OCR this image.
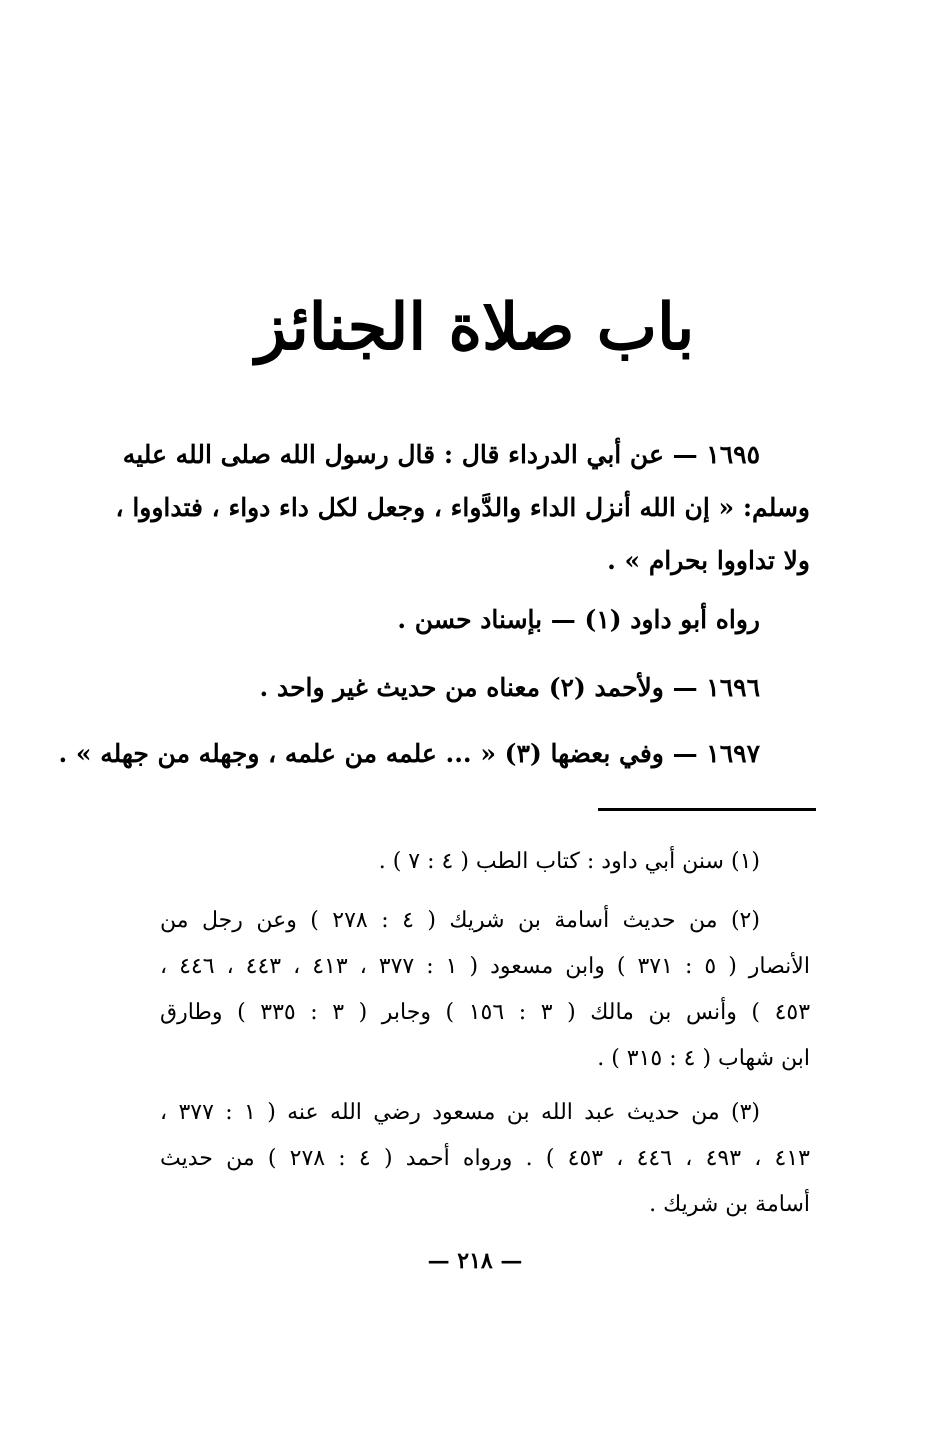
باب صلاة الجنائز
١٦٩٥ — عن أبي الدرداء قال : قال رسول الله صلى الله عليه
وسلم: « إن الله أنزل الداء والدَّواء ، وجعل لكل داء دواء ، فتداووا ،
ولا تداووا بحرام » .
رواه أبو داود (١) — بإسناد حسن .
١٦٩٦ — ولأحمد (٢) معناه من حديث غير واحد .
١٦٩٧ — وفي بعضها (٣) « ... علمه من علمه ، وجهله من جهله » .
(١) سنن أبي داود : كتاب الطب ( ٤ : ٧ ) .
(٢) من حديث أسامة بن شريك ( ٤ : ٢٧٨ ) وعن رجل من
الأنصار ( ٥ : ٣٧١ ) وابن مسعود ( ١ : ٣٧٧ ، ٤١٣ ، ٤٤٣ ، ٤٤٦ ،
٤٥٣ ) وأنس بن مالك ( ٣ : ١٥٦ ) وجابر ( ٣ : ٣٣٥ ) وطارق
ابن شهاب ( ٤ : ٣١٥ ) .
(٣) من حديث عبد الله بن مسعود رضي الله عنه ( ١ : ٣٧٧ ،
٤١٣ ، ٤٩٣ ، ٤٤٦ ، ٤٥٣ ) . ورواه أحمد ( ٤ : ٢٧٨ ) من حديث
أسامة بن شريك .
— ٢١٨ —
